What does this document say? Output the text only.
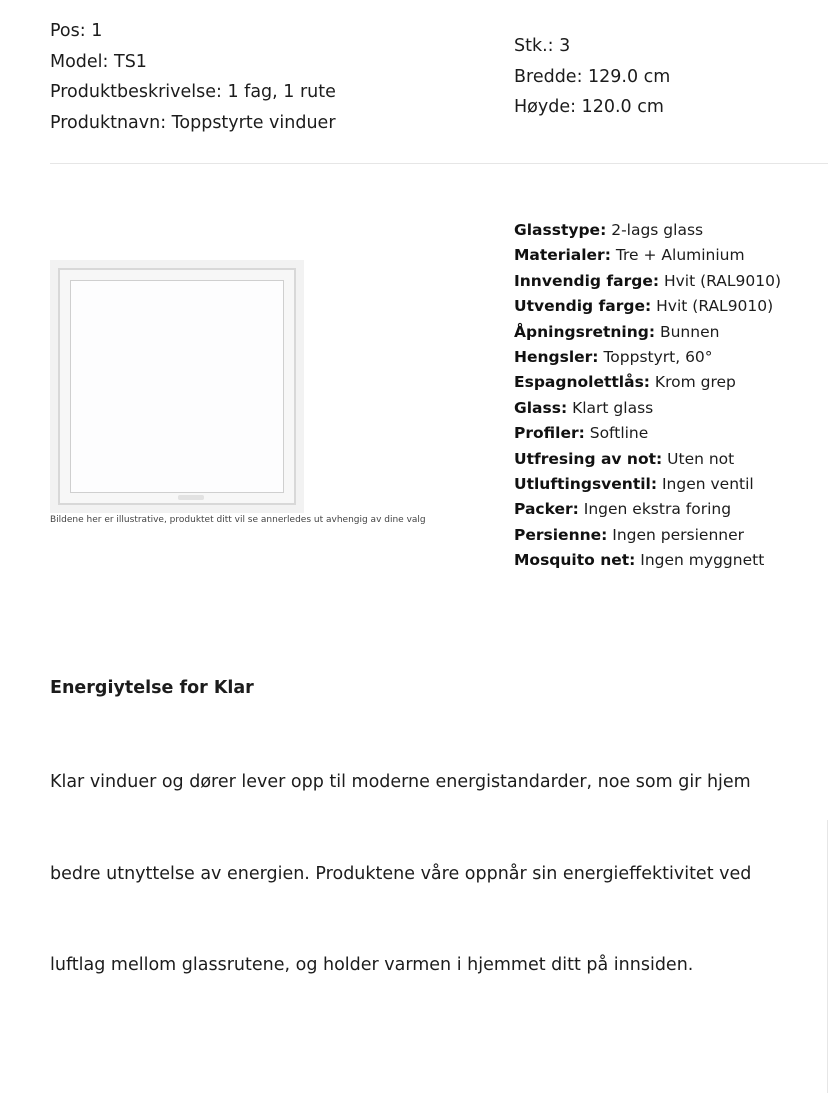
Pos: 1
Model: TS1
Produktbeskrivelse: 1 fag, 1 rute
Produktnavn: Toppstyrte vinduer
Stk.: 3
Bredde: 129.0 cm
Høyde: 120.0 cm
Bildene her er illustrative, produktet ditt vil se annerledes ut avhengig av dine valg
Glasstype: 2-lags glass
Materialer: Tre + Aluminium
Innvendig farge: Hvit (RAL9010)
Utvendig farge: Hvit (RAL9010)
Åpningsretning: Bunnen
Hengsler: Toppstyrt, 60°
Espagnolettlås: Krom grep
Glass: Klart glass
Profiler: Softline
Utfresing av not: Uten not
Utluftingsventil: Ingen ventil
Packer: Ingen ekstra foring
Persienne: Ingen persienner
Mosquito net: Ingen myggnett
Energiytelse for Klar

Klar vinduer og dører lever opp til moderne energistandarder, noe som gir hjem

bedre utnyttelse av energien. Produktene våre oppnår sin energieffektivitet ved

luftlag mellom glassrutene, og holder varmen i hjemmet ditt på innsiden.
